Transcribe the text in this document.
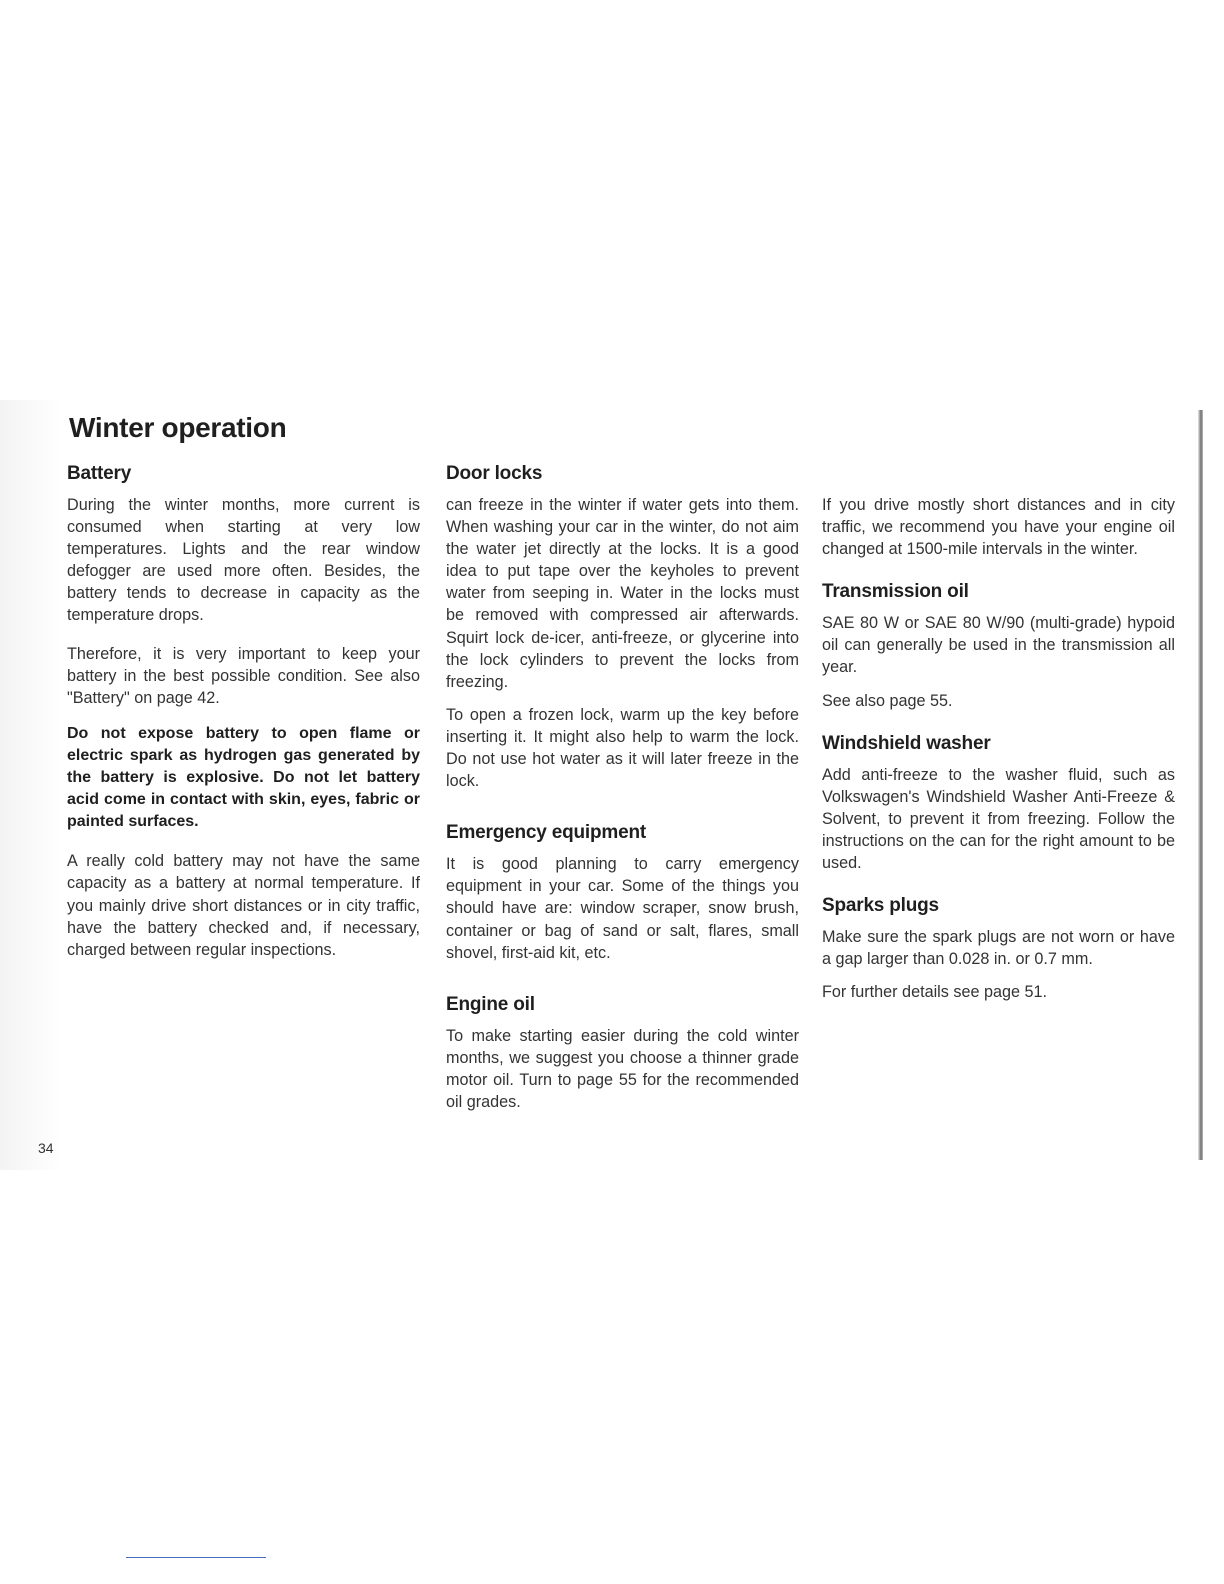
Winter operation
Battery

During the winter months, more current is consumed when starting at very low temperatures. Lights and the rear window defogger are used more often. Besides, the battery tends to decrease in capacity as the temperature drops.

Therefore, it is very important to keep your battery in the best possible condition. See also "Battery" on page 42.

Do not expose battery to open flame or electric spark as hydrogen gas generated by the battery is explosive. Do not let battery acid come in contact with skin, eyes, fabric or painted surfaces.

A really cold battery may not have the same capacity as a battery at normal temperature. If you mainly drive short distances or in city traffic, have the battery checked and, if necessary, charged between regular inspections.

Door locks

can freeze in the winter if water gets into them. When washing your car in the winter, do not aim the water jet directly at the locks. It is a good idea to put tape over the keyholes to prevent water from seeping in. Water in the locks must be removed with compressed air afterwards. Squirt lock de-icer, anti-freeze, or glycerine into the lock cylinders to prevent the locks from freezing.

To open a frozen lock, warm up the key before inserting it. It might also help to warm the lock. Do not use hot water as it will later freeze in the lock.

Emergency equipment

It is good planning to carry emergency equipment in your car. Some of the things you should have are: window scraper, snow brush, container or bag of sand or salt, flares, small shovel, first-aid kit, etc.

Engine oil

To make starting easier during the cold winter months, we suggest you choose a thinner grade motor oil. Turn to page 55 for the recommended oil grades.

If you drive mostly short distances and in city traffic, we recommend you have your engine oil changed at 1500-mile intervals in the winter.

Transmission oil

SAE 80 W or SAE 80 W/90 (multi-grade) hypoid oil can generally be used in the transmission all year.

See also page 55.

Windshield washer

Add anti-freeze to the washer fluid, such as Volkswagen's Windshield Washer Anti-Freeze & Solvent, to prevent it from freezing. Follow the instructions on the can for the right amount to be used.

Sparks plugs

Make sure the spark plugs are not worn or have a gap larger than 0.028 in. or 0.7 mm.

For further details see page 51.

34
